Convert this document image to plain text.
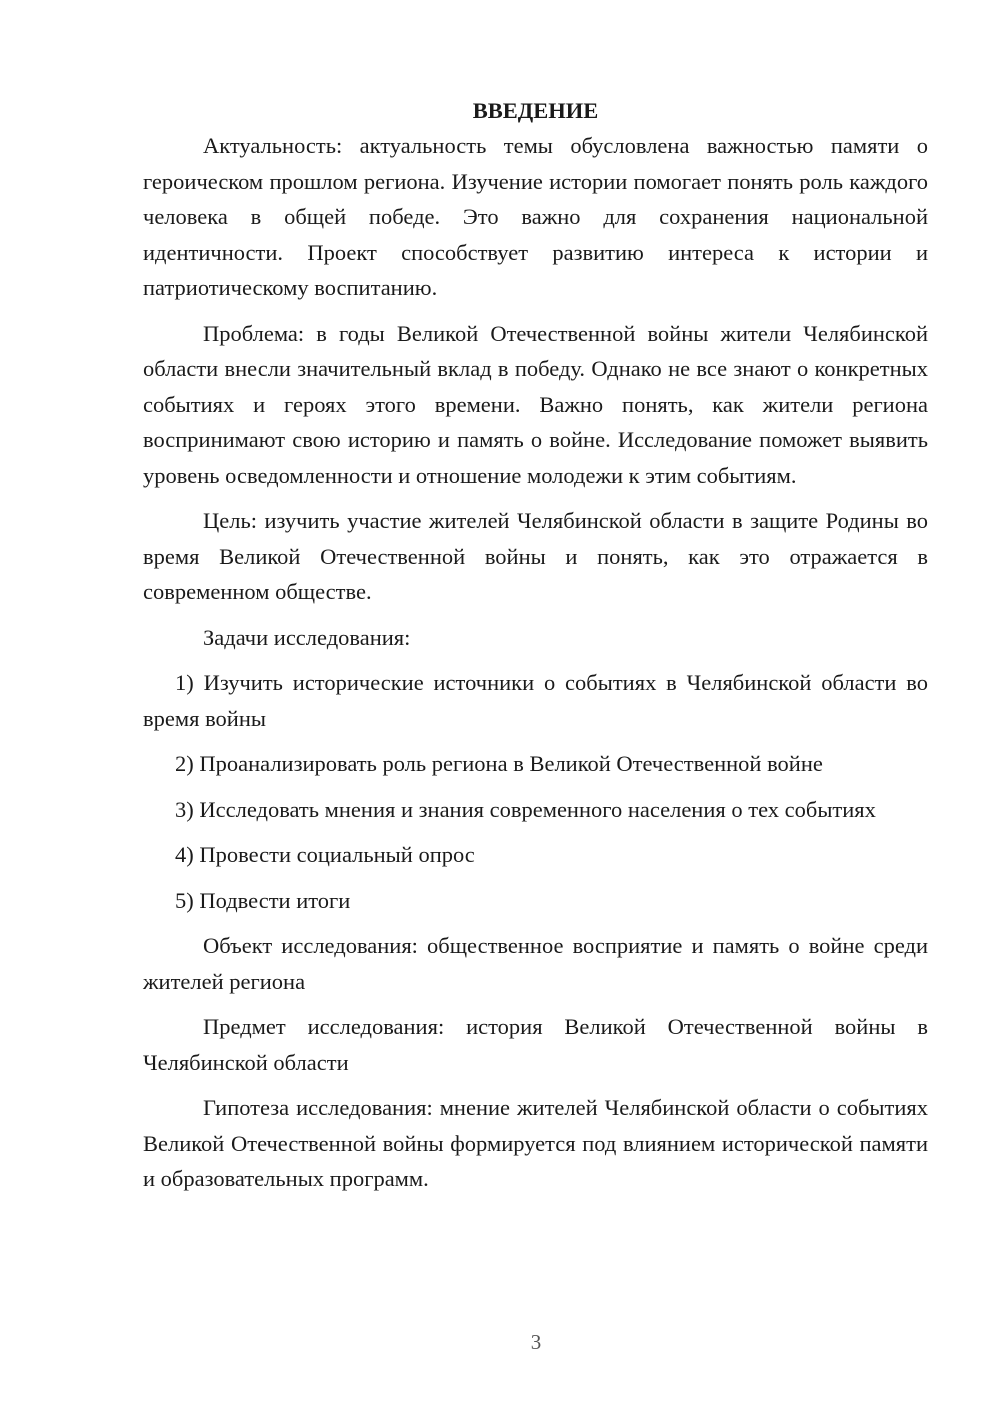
ВВЕДЕНИЕ

Актуальность: актуальность темы обусловлена важностью памяти о героическом прошлом региона. Изучение истории помогает понять роль каждого человека в общей победе. Это важно для сохранения национальной идентичности. Проект способствует развитию интереса к истории и патриотическому воспитанию.

Проблема: в годы Великой Отечественной войны жители Челябинской области внесли значительный вклад в победу. Однако не все знают о конкретных событиях и героях этого времени. Важно понять, как жители региона воспринимают свою историю и память о войне. Исследование поможет выявить уровень осведомленности и отношение молодежи к этим событиям.

Цель: изучить участие жителей Челябинской области в защите Родины во время Великой Отечественной войны и понять, как это отражается в современном обществе.

Задачи исследования:

1) Изучить исторические источники о событиях в Челябинской области во время войны

2) Проанализировать роль региона в Великой Отечественной войне

3) Исследовать мнения и знания современного населения о тех событиях

4) Провести социальный опрос

5) Подвести итоги

Объект исследования: общественное восприятие и память о войне среди жителей региона

Предмет исследования: история Великой Отечественной войны в Челябинской области

Гипотеза исследования: мнение жителей Челябинской области о событиях Великой Отечественной войны формируется под влиянием исторической памяти и образовательных программ.

3
